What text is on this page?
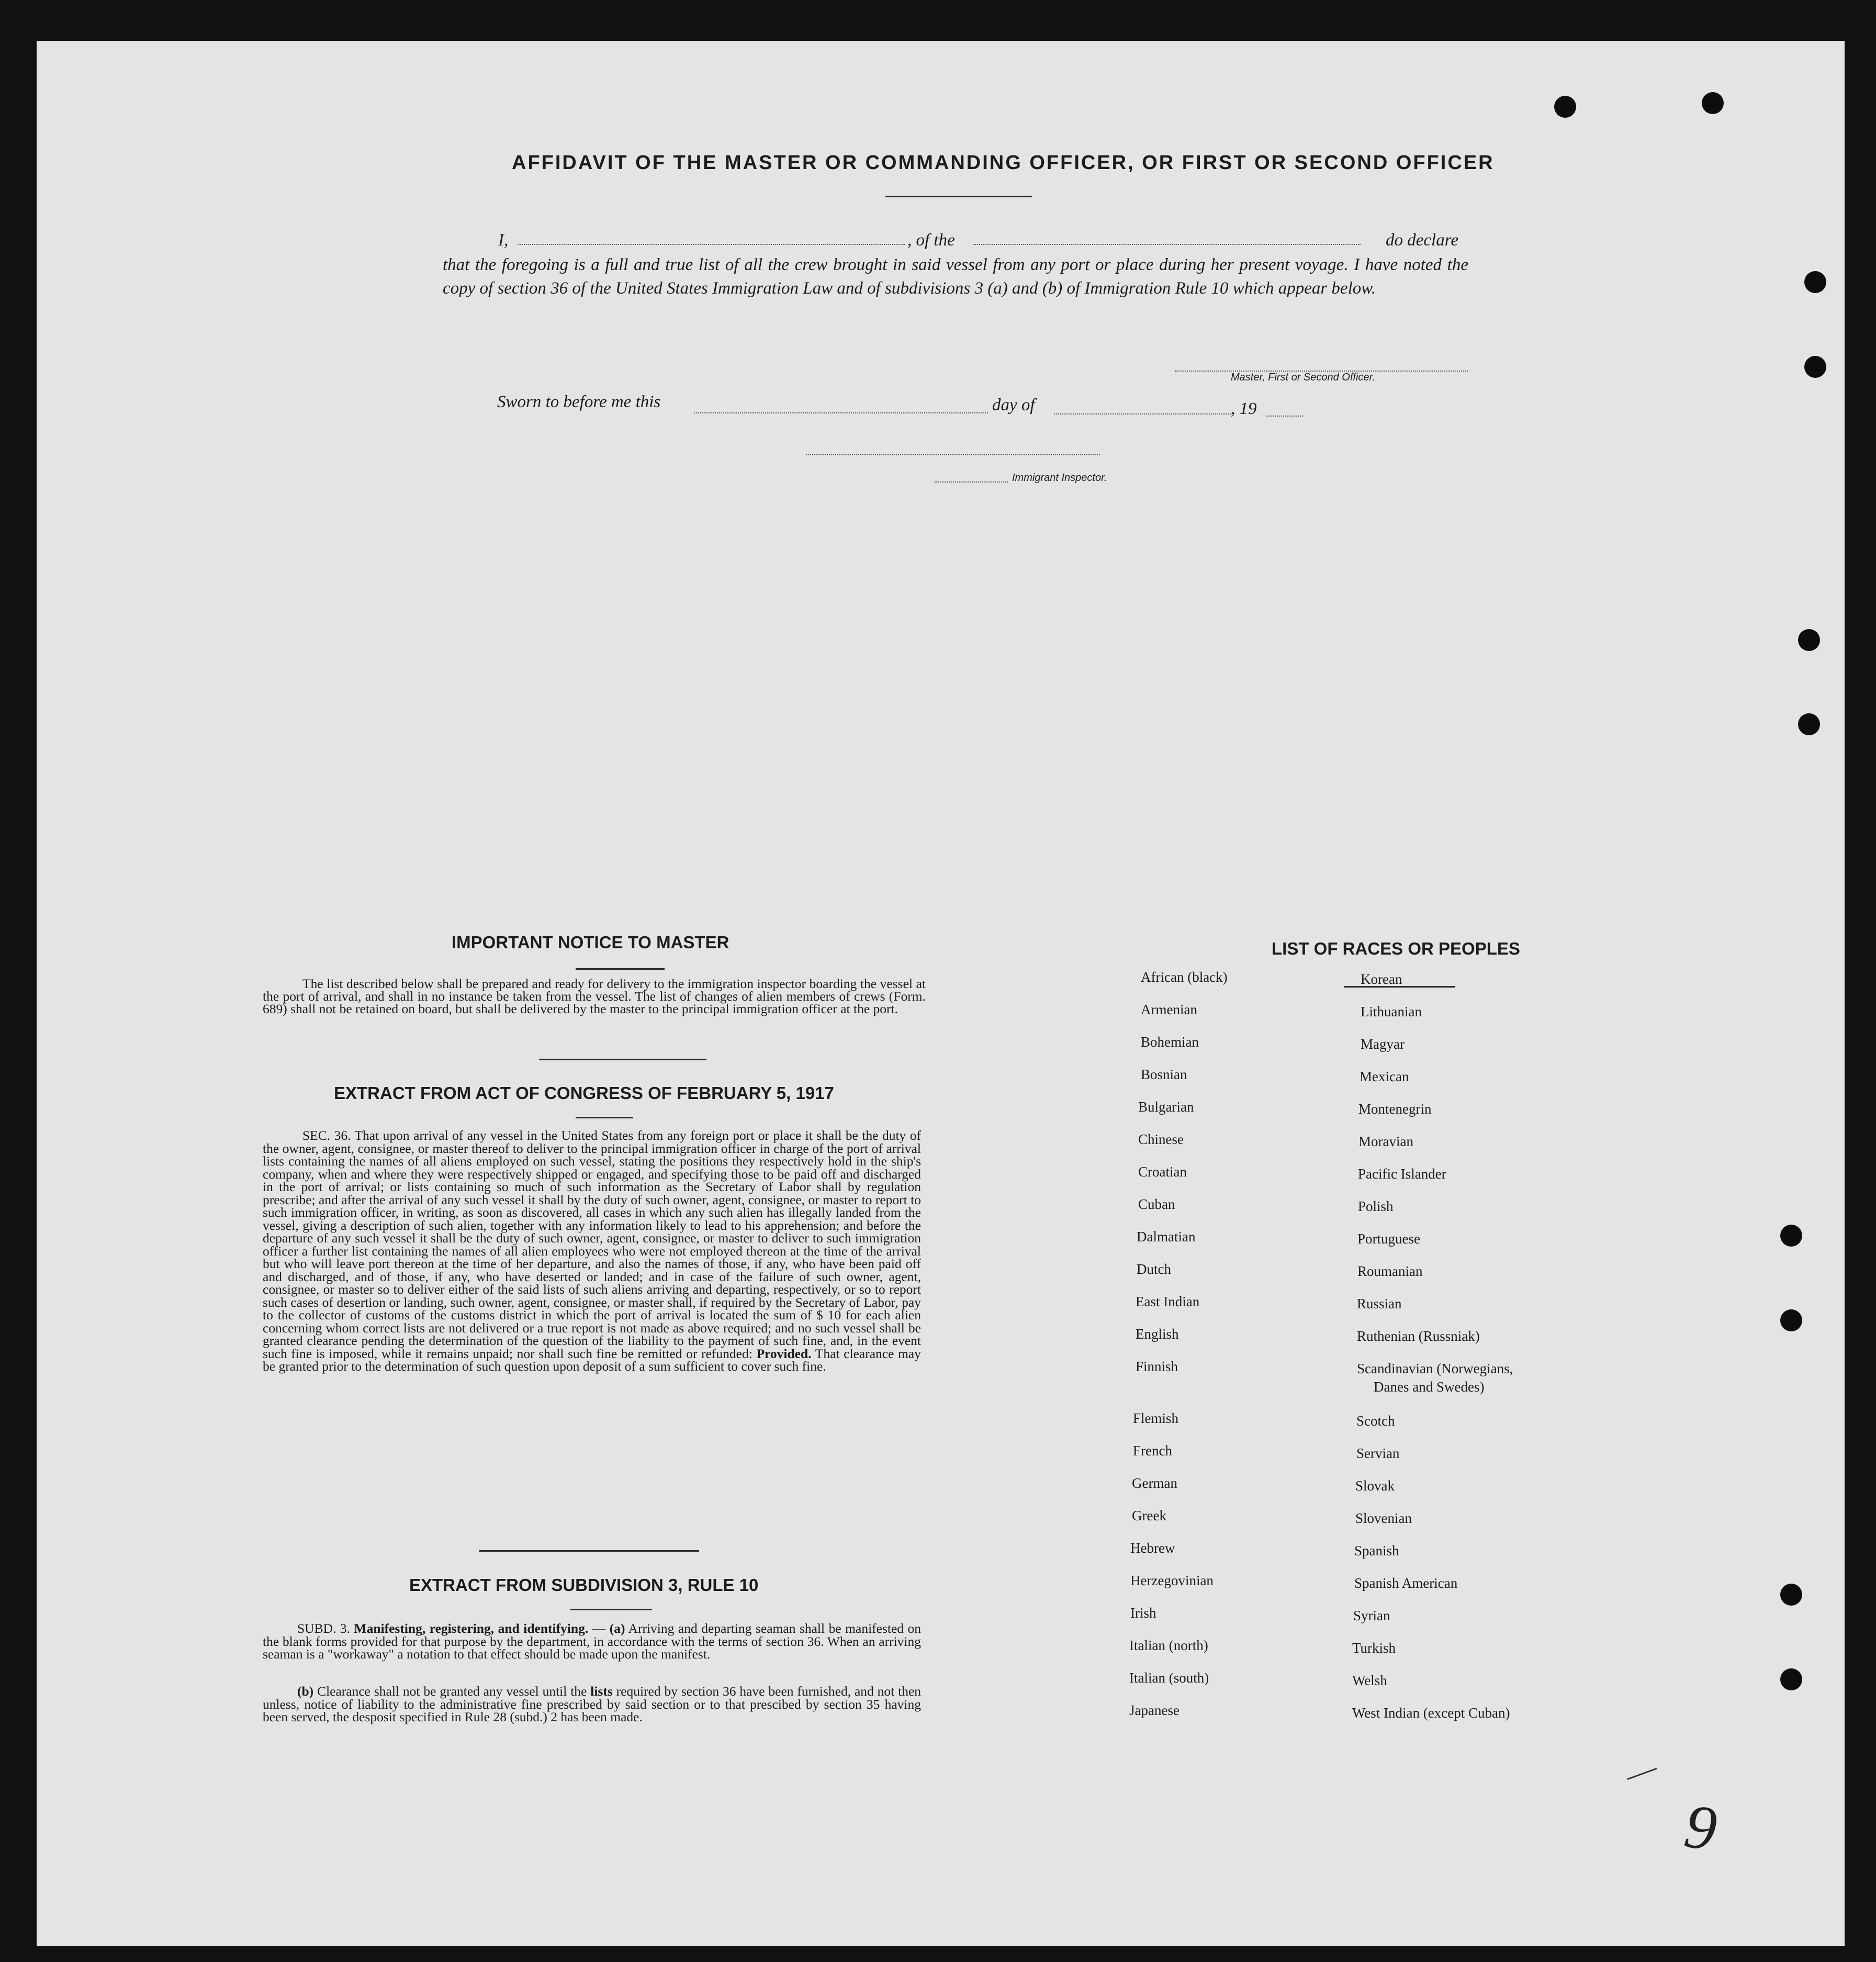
AFFIDAVIT OF THE MASTER OR COMMANDING OFFICER, OR FIRST OR SECOND OFFICER
I,	, of the	do declare
that the foregoing is a full and true list of all the crew brought in said vessel from any port or place during her present voyage. I have noted the copy of section 36 of the United States Immigration Law and of subdivisions 3 (a) and (b) of Immigration Rule 10 which appear below.
Master, First or Second Officer.
Sworn to before me this	day of	, 19
Immigrant Inspector.
IMPORTANT NOTICE TO MASTER
The list described below shall be prepared and ready for delivery to the immigration inspector boarding the vessel at the port of arrival, and shall in no instance be taken from the vessel. The list of changes of alien members of crews (Form. 689) shall not be retained on board, but shall be delivered by the master to the principal immigration officer at the port.
EXTRACT FROM ACT OF CONGRESS OF FEBRUARY 5, 1917
SEC. 36. That upon arrival of any vessel in the United States from any foreign port or place it shall be the duty of the owner, agent, consignee, or master thereof to deliver to the principal immigration officer in charge of the port of arrival lists containing the names of all aliens employed on such vessel, stating the positions they respectively hold in the ship's company, when and where they were respectively shipped or engaged, and specifying those to be paid off and discharged in the port of arrival; or lists containing so much of such information as the Secretary of Labor shall by regulation prescribe; and after the arrival of any such vessel it shall by the duty of such owner, agent, consignee, or master to report to such immigration officer, in writing, as soon as discovered, all cases in which any such alien has illegally landed from the vessel, giving a description of such alien, together with any information likely to lead to his apprehension; and before the departure of any such vessel it shall be the duty of such owner, agent, consignee, or master to deliver to such immigration officer a further list containing the names of all alien employees who were not employed thereon at the time of the arrival but who will leave port thereon at the time of her departure, and also the names of those, if any, who have been paid off and discharged, and of those, if any, who have deserted or landed; and in case of the failure of such owner, agent, consignee, or master so to deliver either of the said lists of such aliens arriving and departing, respectively, or so to report such cases of desertion or landing, such owner, agent, consignee, or master shall, if required by the Secretary of Labor, pay to the collector of customs of the customs district in which the port of arrival is located the sum of $ 10 for each alien concerning whom correct lists are not delivered or a true report is not made as above required; and no such vessel shall be granted clearance pending the determination of the question of the liability to the payment of such fine, and, in the event such fine is imposed, while it remains unpaid; nor shall such fine be remitted or refunded: Provided. That clearance may be granted prior to the determination of such question upon deposit of a sum sufficient to cover such fine.
EXTRACT FROM SUBDIVISION 3, RULE 10
SUBD. 3. Manifesting, registering, and identifying. — (a) Arriving and departing seaman shall be manifested on the blank forms provided for that purpose by the department, in accordance with the terms of section 36. When an arriving seaman is a "workaway" a notation to that effect should be made upon the manifest.
(b) Clearance shall not be granted any vessel until the lists required by section 36 have been furnished, and not then unless, notice of liability to the administrative fine prescribed by said section or to that prescibed by section 35 having been served, the desposit specified in Rule 28 (subd.) 2 has been made.
LIST OF RACES OR PEOPLES
9
African (black)
Armenian
Bohemian
Bosnian
Bulgarian
Chinese
Croatian
Cuban
Dalmatian
Dutch
East Indian
English
Finnish
Flemish
French
German
Greek
Hebrew
Herzegovinian
Irish
Italian (north)
Italian (south)
Japanese
Korean
Lithuanian
Magyar
Mexican
Montenegrin
Moravian
Pacific Islander
Polish
Portuguese
Roumanian
Russian
Ruthenian (Russniak)
Scandinavian (Norwegians,
Danes and Swedes)
Scotch
Servian
Slovak
Slovenian
Spanish
Spanish American
Syrian
Turkish
Welsh
West Indian (except Cuban)
